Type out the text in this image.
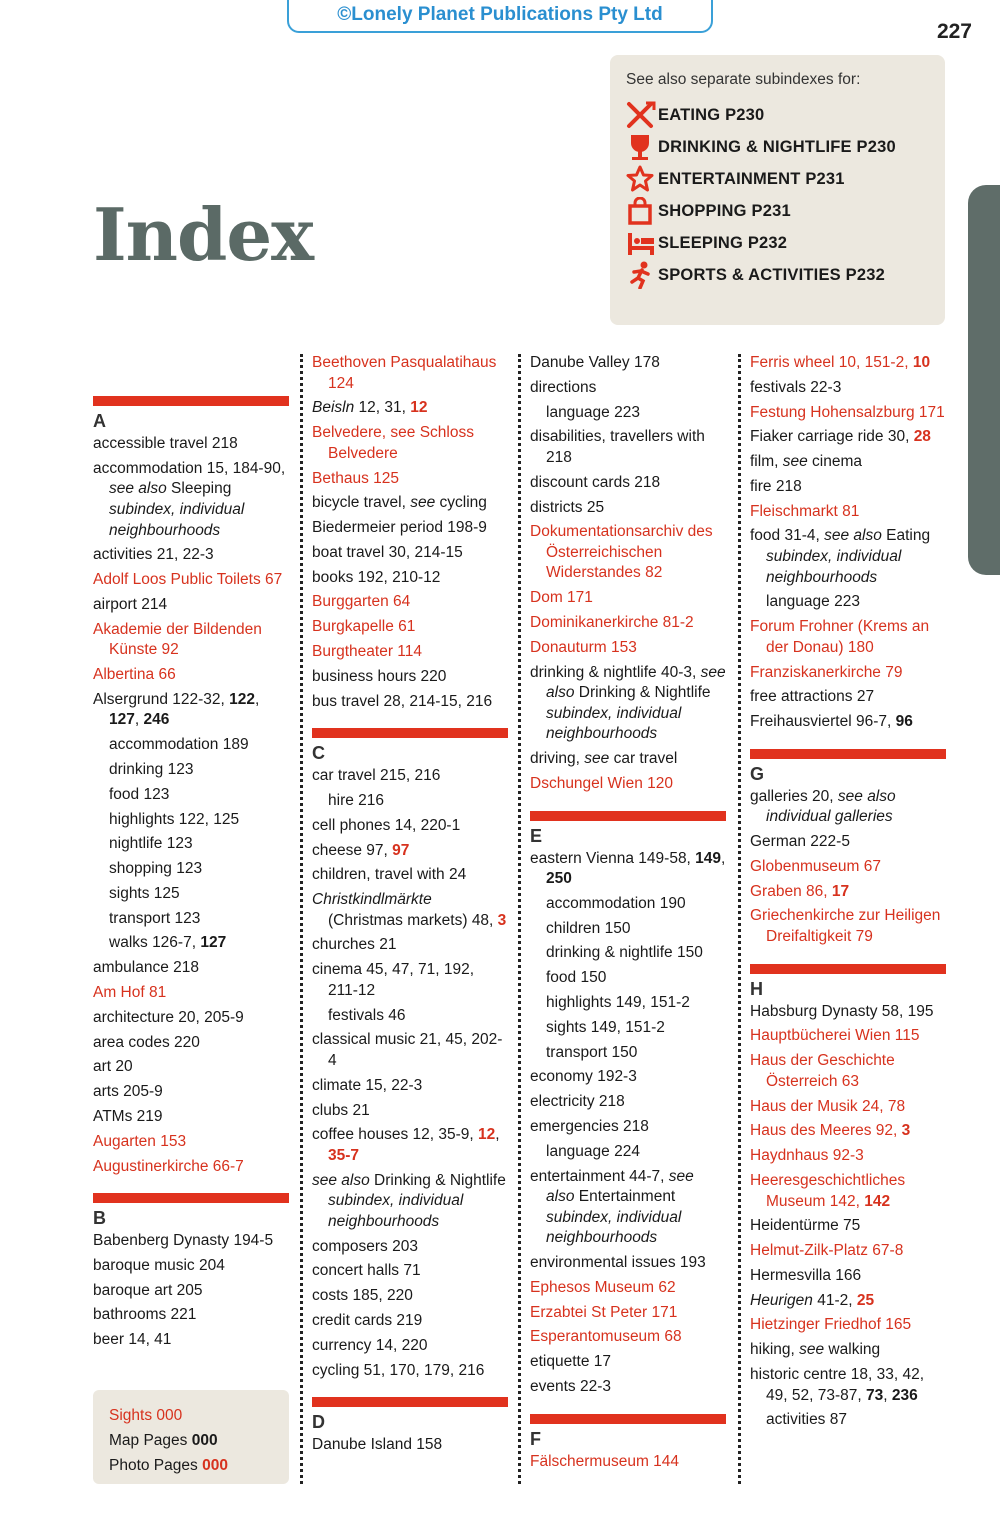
©Lonely Planet Publications Pty Ltd
227
Index
See also separate subindexes for:
EATING P230
DRINKING & NIGHTLIFE P230
ENTERTAINMENT P231
SHOPPING P231
SLEEPING P232
SPORTS & ACTIVITIES P232
A
accessible travel 218
accommodation 15, 184-90, see also Sleeping subindex, individual neighbourhoods
activities 21, 22-3
Adolf Loos Public Toilets 67
airport 214
Akademie der Bildenden Künste 92
Albertina 66
Alsergrund 122-32, 122, 127, 246
accommodation 189
drinking 123
food 123
highlights 122, 125
nightlife 123
shopping 123
sights 125
transport 123
walks 126-7, 127
ambulance 218
Am Hof 81
architecture 20, 205-9
area codes 220
art 20
arts 205-9
ATMs 219
Augarten 153
Augustinerkirche 66-7
B
Babenberg Dynasty 194-5
baroque music 204
baroque art 205
bathrooms 221
beer 14, 41
Beethoven Pasqualatihaus 124
Beisln 12, 31, 12
Belvedere, see Schloss Belvedere
Bethaus 125
bicycle travel, see cycling
Biedermeier period 198-9
boat travel 30, 214-15
books 192, 210-12
Burggarten 64
Burgkapelle 61
Burgtheater 114
business hours 220
bus travel 28, 214-15, 216
C
car travel 215, 216
hire 216
cell phones 14, 220-1
cheese 97, 97
children, travel with 24
Christkindlmärkte (Christmas markets) 48, 3
churches 21
cinema 45, 47, 71, 192, 211-12
festivals 46
classical music 21, 45, 202-4
climate 15, 22-3
clubs 21
coffee houses 12, 35-9, 12, 35-7
see also Drinking & Nightlife subindex, individual neighbourhoods
composers 203
concert halls 71
costs 185, 220
credit cards 219
currency 14, 220
cycling 51, 170, 179, 216
D
Danube Island 158
Danube Valley 178
directions
language 223
disabilities, travellers with 218
discount cards 218
districts 25
Dokumentationsarchiv des Österreichischen Widerstandes 82
Dom 171
Dominikanerkirche 81-2
Donauturm 153
drinking & nightlife 40-3, see also Drinking & Nightlife subindex, individual neighbourhoods
driving, see car travel
Dschungel Wien 120
E
eastern Vienna 149-58, 149, 250
accommodation 190
children 150
drinking & nightlife 150
food 150
highlights 149, 151-2
sights 149, 151-2
transport 150
economy 192-3
electricity 218
emergencies 218
language 224
entertainment 44-7, see also Entertainment subindex, individual neighbourhoods
environmental issues 193
Ephesos Museum 62
Erzabtei St Peter 171
Esperantomuseum 68
etiquette 17
events 22-3
F
Fälschermuseum 144
Ferris wheel 10, 151-2, 10
festivals 22-3
Festung Hohensalzburg 171
Fiaker carriage ride 30, 28
film, see cinema
fire 218
Fleischmarkt 81
food 31-4, see also Eating subindex, individual neighbourhoods
language 223
Forum Frohner (Krems an der Donau) 180
Franziskanerkirche 79
free attractions 27
Freihausviertel 96-7, 96
G
galleries 20, see also individual galleries
German 222-5
Globenmuseum 67
Graben 86, 17
Griechenkirche zur Heiligen Dreifaltigkeit 79
H
Habsburg Dynasty 58, 195
Hauptbücherei Wien 115
Haus der Geschichte Österreich 63
Haus der Musik 24, 78
Haus des Meeres 92, 3
Haydnhaus 92-3
Heeresgeschichtliches Museum 142, 142
Heidentürme 75
Helmut-Zilk-Platz 67-8
Hermesvilla 166
Heurigen 41-2, 25
Hietzinger Friedhof 165
hiking, see walking
historic centre 18, 33, 42, 49, 52, 73-87, 73, 236
activities 87
Sights 000
Map Pages 000
Photo Pages 000
